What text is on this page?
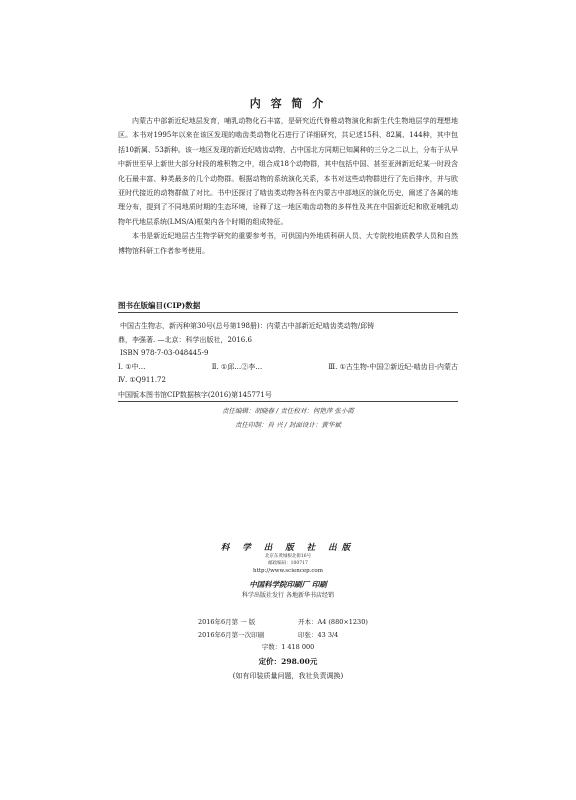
内 容 简 介

内蒙古中部新近纪地层发育，哺乳动物化石丰富，是研究近代脊椎动物演化和新生代生物地层学的理想地区。本书对1995年以来在该区发现的啮齿类动物化石进行了详细研究，共记述15科、82属、144种，其中包括10新属、53新种。该一地区发现的新近纪啮齿动物，占中国北方同期已知属种的三分之二以上，分布于从早中新世至早上新世大部分时段的堆积物之中，组合成18个动物群，其中包括中国、甚至亚洲新近纪某一时段含化石最丰富、种类最多的几个动物群。根据动物的系统演化关系，本书对这些动物群进行了先后排序，并与欧亚时代接近的动物群做了对比。书中还探讨了啮齿类动物各科在内蒙古中部地区的演化历史，阐述了各属的地理分布，提到了不同地质时期的生态环境，诠释了这一地区啮齿动物的多样性及其在中国新近纪和欧亚哺乳动物年代地层系统(LMS/A)框架内各个时期的组成特征。

本书是新近纪地层古生物学研究的重要参考书，可供国内外地质科研人员、大专院校地质教学人员和自然博物馆科研工作者参考使用。

图书在版编目(CIP)数据

中国古生物志，新丙种第30号(总号第198册)：内蒙古中部新近纪啮齿类动物/邱铸

鼎，李强著. —北京：科学出版社，2016.6

ISBN 978-7-03-048445-9

Ⅰ. ①中…	Ⅱ. ①邱…②李…	Ⅲ. ①古生物-中国②新近纪-啮齿目-内蒙古

Ⅳ. ①Q911.72

中国版本图书馆CIP数据核字(2016)第145771号
责任编辑：胡晓春 / 责任校对：何艳萍 张小霞
责任印制：肖 兴 / 封面设计：黄华斌
科 学 出 版 社 出版
北京东黄城根北街16号
邮政编码：100717
http://www.sciencep.com
中国科学院印刷厂 印刷
科学出版社发行 各地新华书店经销
2016年6月第 一 版	开本：A4 (880×1230)
2016年6月第一次印刷	印张：43 3/4
字数：1 418 000
定价：298.00元
(如有印装质量问题，我社负责调换)
